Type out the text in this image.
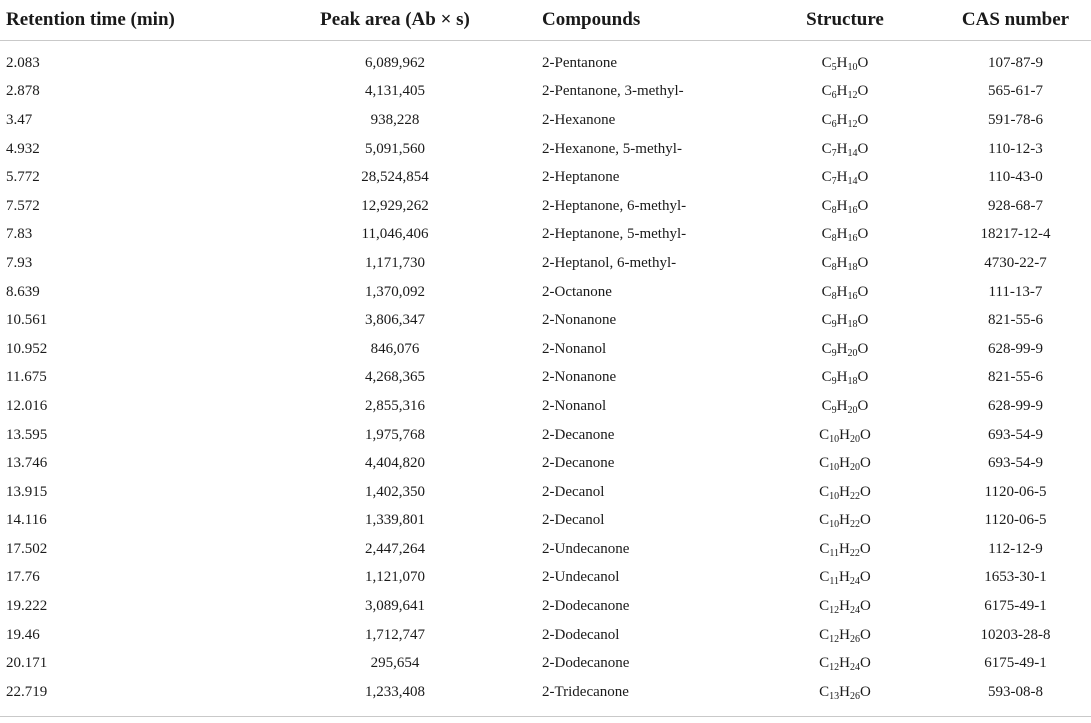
Retention time (min)	Peak area (Ab × s)	Compounds	Structure	CAS number

2.083	6,089,962	2-Pentanone	$C_5H_{10}O$	107-87-9
2.878	4,131,405	2-Pentanone, 3-methyl-	$C_6H_{12}O$	565-61-7
3.47	938,228	2-Hexanone	$C_6H_{12}O$	591-78-6
4.932	5,091,560	2-Hexanone, 5-methyl-	$C_7H_{14}O$	110-12-3
5.772	28,524,854	2-Heptanone	$C_7H_{14}O$	110-43-0
7.572	12,929,262	2-Heptanone, 6-methyl-	$C_8H_{16}O$	928-68-7
7.83	11,046,406	2-Heptanone, 5-methyl-	$C_8H_{16}O$	18217-12-4
7.93	1,171,730	2-Heptanol, 6-methyl-	$C_8H_{18}O$	4730-22-7
8.639	1,370,092	2-Octanone	$C_8H_{16}O$	111-13-7
10.561	3,806,347	2-Nonanone	$C_9H_{18}O$	821-55-6
10.952	846,076	2-Nonanol	$C_9H_{20}O$	628-99-9
11.675	4,268,365	2-Nonanone	$C_9H_{18}O$	821-55-6
12.016	2,855,316	2-Nonanol	$C_9H_{20}O$	628-99-9
13.595	1,975,768	2-Decanone	$C_{10}H_{20}O$	693-54-9
13.746	4,404,820	2-Decanone	$C_{10}H_{20}O$	693-54-9
13.915	1,402,350	2-Decanol	$C_{10}H_{22}O$	1120-06-5
14.116	1,339,801	2-Decanol	$C_{10}H_{22}O$	1120-06-5
17.502	2,447,264	2-Undecanone	$C_{11}H_{22}O$	112-12-9
17.76	1,121,070	2-Undecanol	$C_{11}H_{24}O$	1653-30-1
19.222	3,089,641	2-Dodecanone	$C_{12}H_{24}O$	6175-49-1
19.46	1,712,747	2-Dodecanol	$C_{12}H_{26}O$	10203-28-8
20.171	295,654	2-Dodecanone	$C_{12}H_{24}O$	6175-49-1
22.719	1,233,408	2-Tridecanone	$C_{13}H_{26}O$	593-08-8
